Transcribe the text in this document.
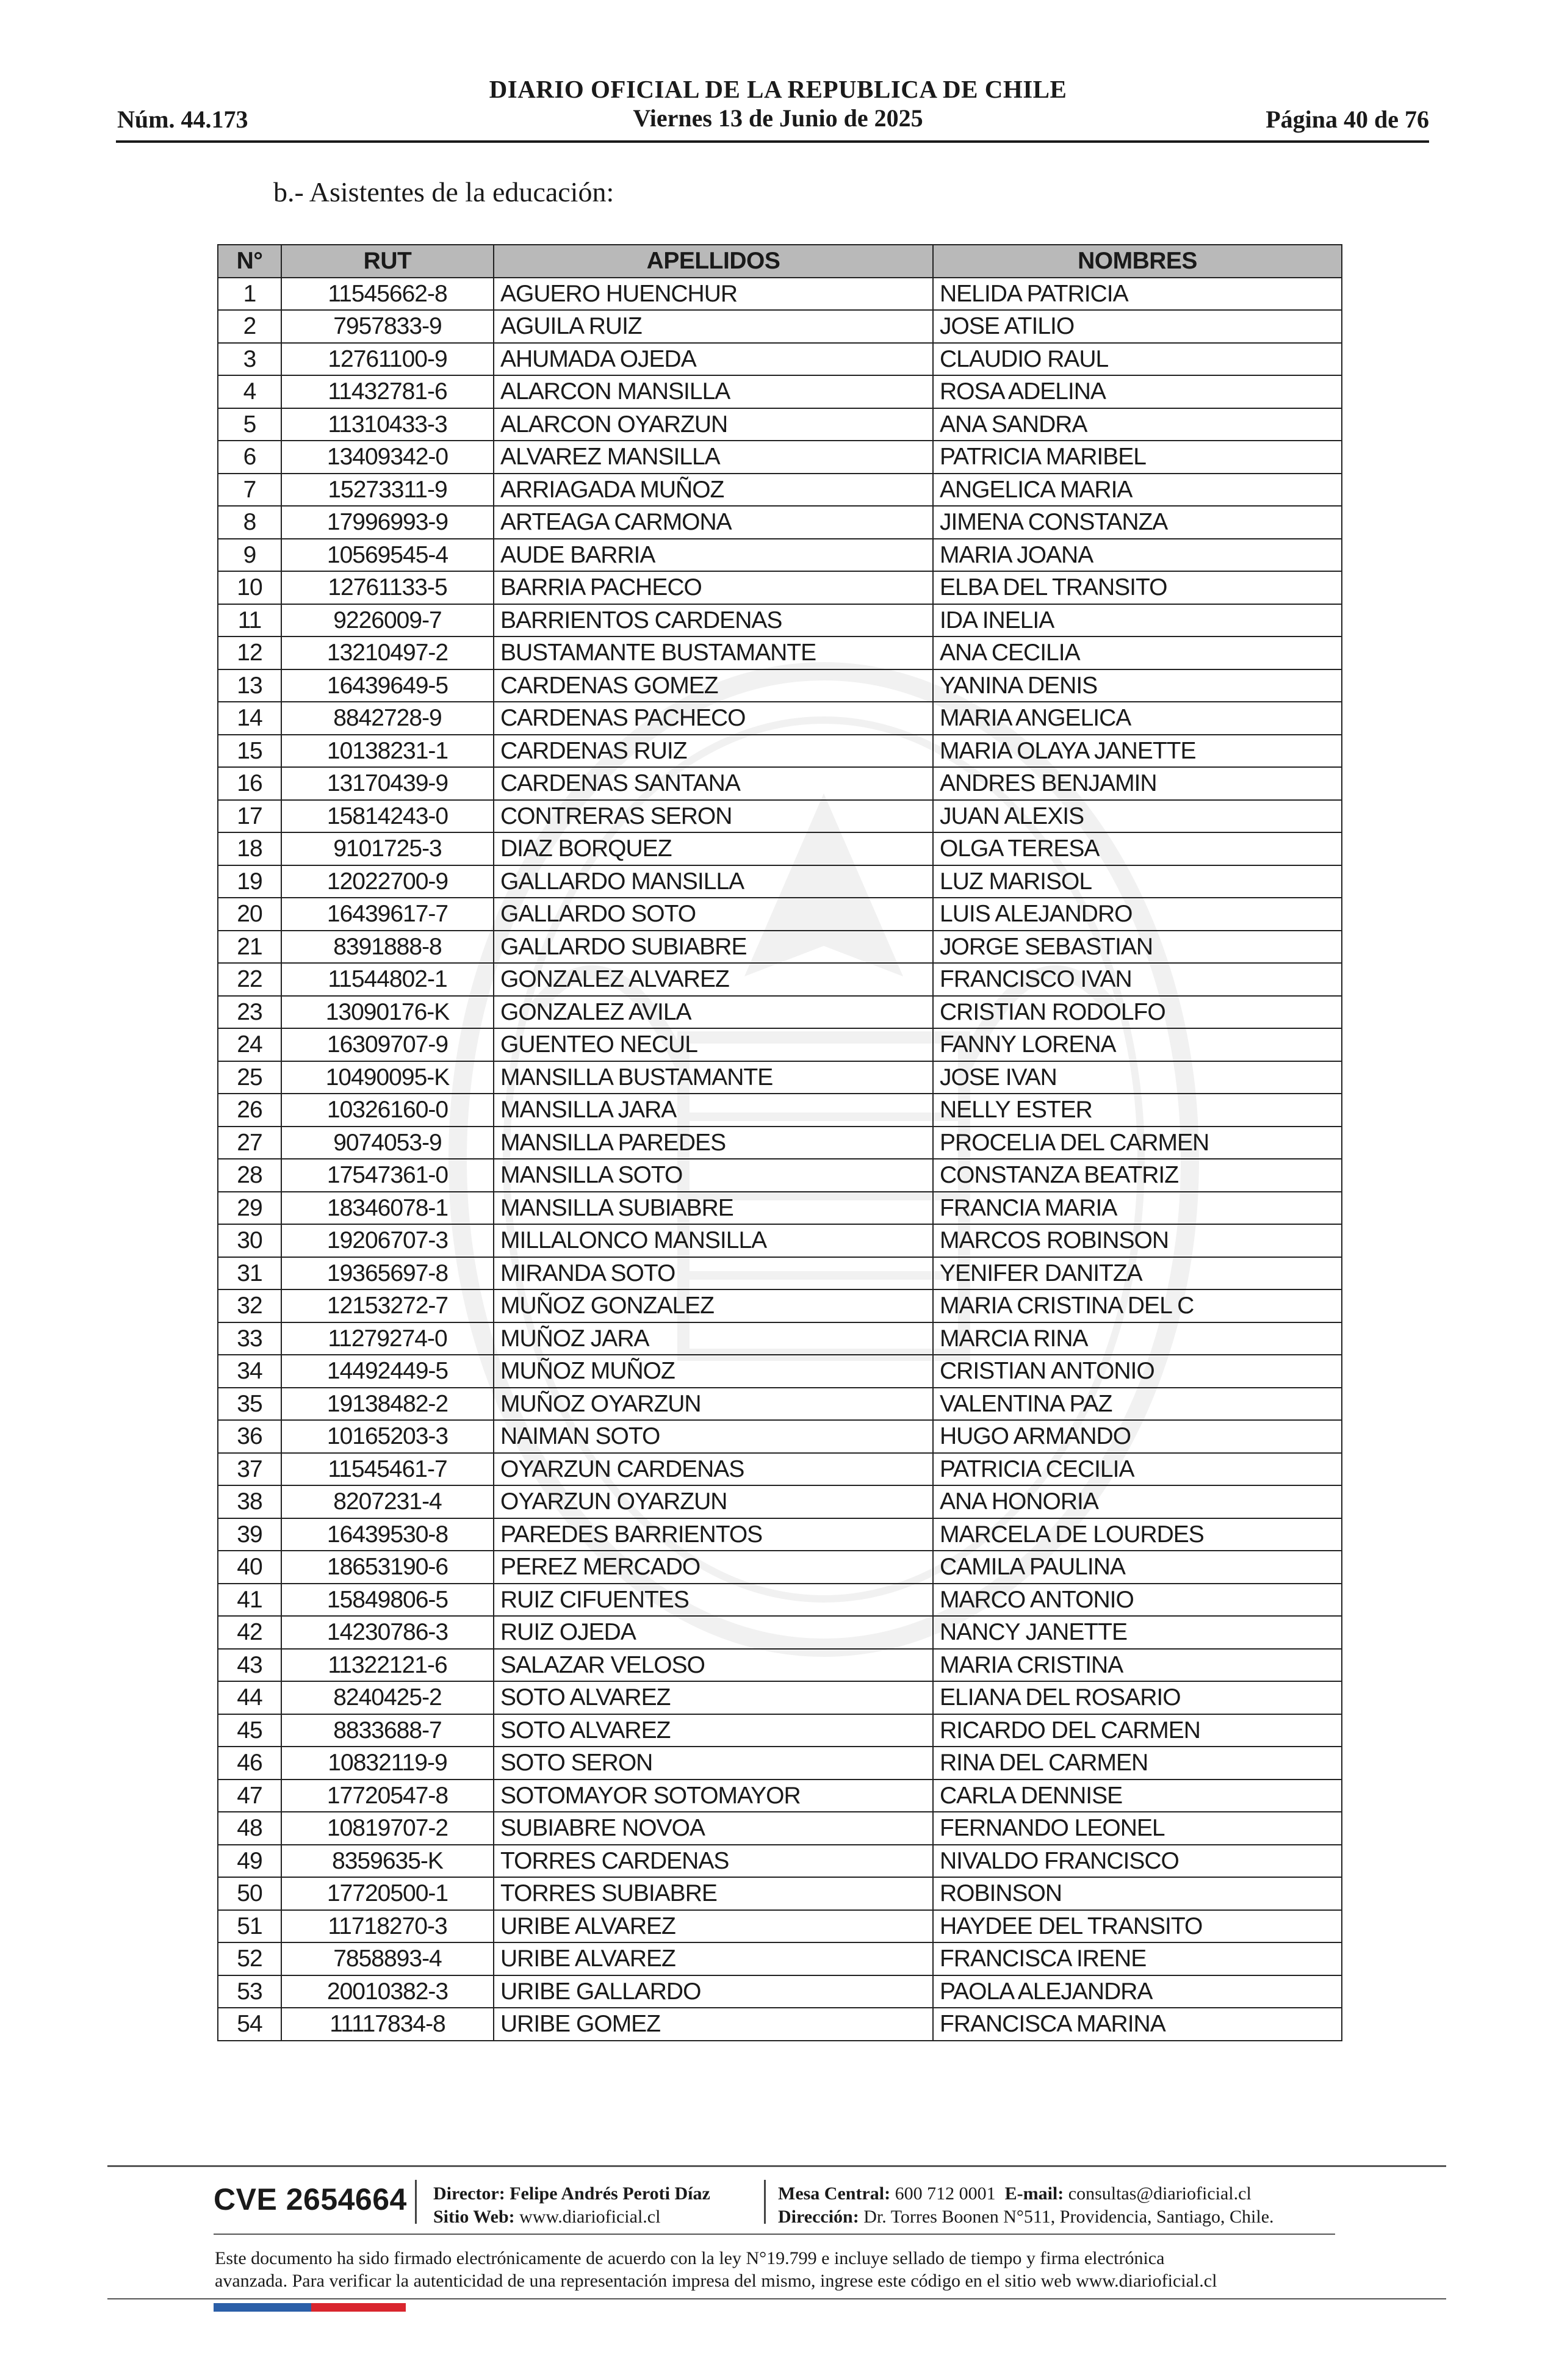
DIARIO OFICIAL DE LA REPUBLICA DE CHILE
Viernes 13 de Junio de 2025
Núm. 44.173	Página 40 de 76
b.- Asistentes de la educación:
N°	RUT	APELLIDOS	NOMBRES
1	11545662-8	AGUERO HUENCHUR	NELIDA PATRICIA
2	7957833-9	AGUILA RUIZ	JOSE ATILIO
3	12761100-9	AHUMADA OJEDA	CLAUDIO RAUL
4	11432781-6	ALARCON MANSILLA	ROSA ADELINA
5	11310433-3	ALARCON OYARZUN	ANA SANDRA
6	13409342-0	ALVAREZ MANSILLA	PATRICIA MARIBEL
7	15273311-9	ARRIAGADA MUÑOZ	ANGELICA MARIA
8	17996993-9	ARTEAGA CARMONA	JIMENA CONSTANZA
9	10569545-4	AUDE BARRIA	MARIA JOANA
10	12761133-5	BARRIA PACHECO	ELBA DEL TRANSITO
11	9226009-7	BARRIENTOS CARDENAS	IDA INELIA
12	13210497-2	BUSTAMANTE BUSTAMANTE	ANA CECILIA
13	16439649-5	CARDENAS GOMEZ	YANINA DENIS
14	8842728-9	CARDENAS PACHECO	MARIA ANGELICA
15	10138231-1	CARDENAS RUIZ	MARIA OLAYA JANETTE
16	13170439-9	CARDENAS SANTANA	ANDRES BENJAMIN
17	15814243-0	CONTRERAS SERON	JUAN ALEXIS
18	9101725-3	DIAZ BORQUEZ	OLGA TERESA
19	12022700-9	GALLARDO MANSILLA	LUZ MARISOL
20	16439617-7	GALLARDO SOTO	LUIS ALEJANDRO
21	8391888-8	GALLARDO SUBIABRE	JORGE SEBASTIAN
22	11544802-1	GONZALEZ ALVAREZ	FRANCISCO IVAN
23	13090176-K	GONZALEZ AVILA	CRISTIAN RODOLFO
24	16309707-9	GUENTEO NECUL	FANNY LORENA
25	10490095-K	MANSILLA BUSTAMANTE	JOSE IVAN
26	10326160-0	MANSILLA JARA	NELLY ESTER
27	9074053-9	MANSILLA PAREDES	PROCELIA DEL CARMEN
28	17547361-0	MANSILLA SOTO	CONSTANZA BEATRIZ
29	18346078-1	MANSILLA SUBIABRE	FRANCIA MARIA
30	19206707-3	MILLALONCO MANSILLA	MARCOS ROBINSON
31	19365697-8	MIRANDA SOTO	YENIFER DANITZA
32	12153272-7	MUÑOZ GONZALEZ	MARIA CRISTINA DEL C
33	11279274-0	MUÑOZ JARA	MARCIA RINA
34	14492449-5	MUÑOZ MUÑOZ	CRISTIAN ANTONIO
35	19138482-2	MUÑOZ OYARZUN	VALENTINA PAZ
36	10165203-3	NAIMAN SOTO	HUGO ARMANDO
37	11545461-7	OYARZUN CARDENAS	PATRICIA CECILIA
38	8207231-4	OYARZUN OYARZUN	ANA HONORIA
39	16439530-8	PAREDES BARRIENTOS	MARCELA DE LOURDES
40	18653190-6	PEREZ MERCADO	CAMILA PAULINA
41	15849806-5	RUIZ CIFUENTES	MARCO ANTONIO
42	14230786-3	RUIZ OJEDA	NANCY JANETTE
43	11322121-6	SALAZAR VELOSO	MARIA CRISTINA
44	8240425-2	SOTO ALVAREZ	ELIANA DEL ROSARIO
45	8833688-7	SOTO ALVAREZ	RICARDO DEL CARMEN
46	10832119-9	SOTO SERON	RINA DEL CARMEN
47	17720547-8	SOTOMAYOR SOTOMAYOR	CARLA DENNISE
48	10819707-2	SUBIABRE NOVOA	FERNANDO LEONEL
49	8359635-K	TORRES CARDENAS	NIVALDO FRANCISCO
50	17720500-1	TORRES SUBIABRE	ROBINSON
51	11718270-3	URIBE ALVAREZ	HAYDEE DEL TRANSITO
52	7858893-4	URIBE ALVAREZ	FRANCISCA IRENE
53	20010382-3	URIBE GALLARDO	PAOLA ALEJANDRA
54	11117834-8	URIBE GOMEZ	FRANCISCA MARINA
CVE 2654664 Director: Felipe Andrés Peroti Díaz
Sitio Web: www.diarioficial.cl
Mesa Central: 600 712 0001 E-mail: consultas@diarioficial.cl
Dirección: Dr. Torres Boonen N°511, Providencia, Santiago, Chile.
Este documento ha sido firmado electrónicamente de acuerdo con la ley N°19.799 e incluye sellado de tiempo y firma electrónica
avanzada. Para verificar la autenticidad de una representación impresa del mismo, ingrese este código en el sitio web www.diarioficial.cl
